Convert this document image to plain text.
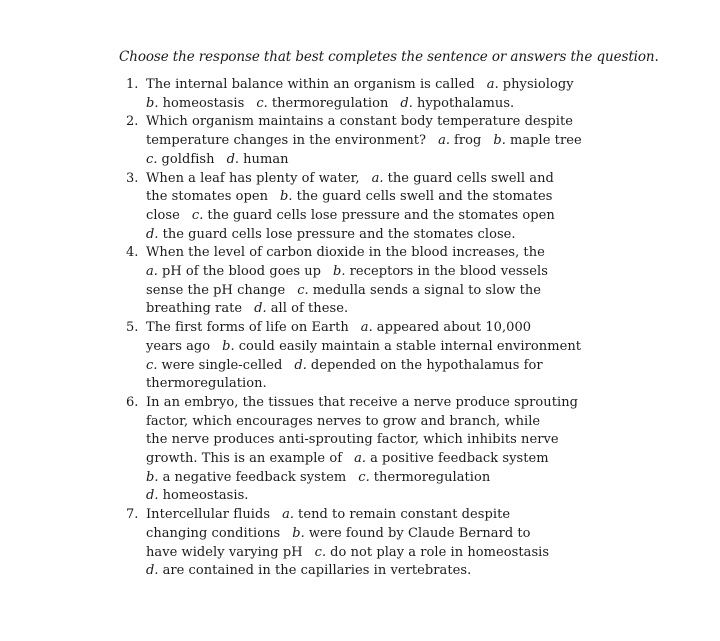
Choose the response that best completes the sentence or answers the question.
1. The internal balance within an organism is called a. physiology
b. homeostasis c. thermoregulation d. hypothalamus.
2. Which organism maintains a constant body temperature despite
temperature changes in the environment? a. frog b. maple tree
c. goldfish d. human
3. When a leaf has plenty of water, a. the guard cells swell and
the stomates open b. the guard cells swell and the stomates
close c. the guard cells lose pressure and the stomates open
d. the guard cells lose pressure and the stomates close.
4. When the level of carbon dioxide in the blood increases, the
a. pH of the blood goes up b. receptors in the blood vessels
sense the pH change c. medulla sends a signal to slow the
breathing rate d. all of these.
5. The first forms of life on Earth a. appeared about 10,000
years ago b. could easily maintain a stable internal environment
c. were single-celled d. depended on the hypothalamus for
thermoregulation.
6. In an embryo, the tissues that receive a nerve produce sprouting
factor, which encourages nerves to grow and branch, while
the nerve produces anti-sprouting factor, which inhibits nerve
growth. This is an example of a. a positive feedback system
b. a negative feedback system c. thermoregulation
d. homeostasis.
7. Intercellular fluids a. tend to remain constant despite
changing conditions b. were found by Claude Bernard to
have widely varying pH c. do not play a role in homeostasis
d. are contained in the capillaries in vertebrates.
